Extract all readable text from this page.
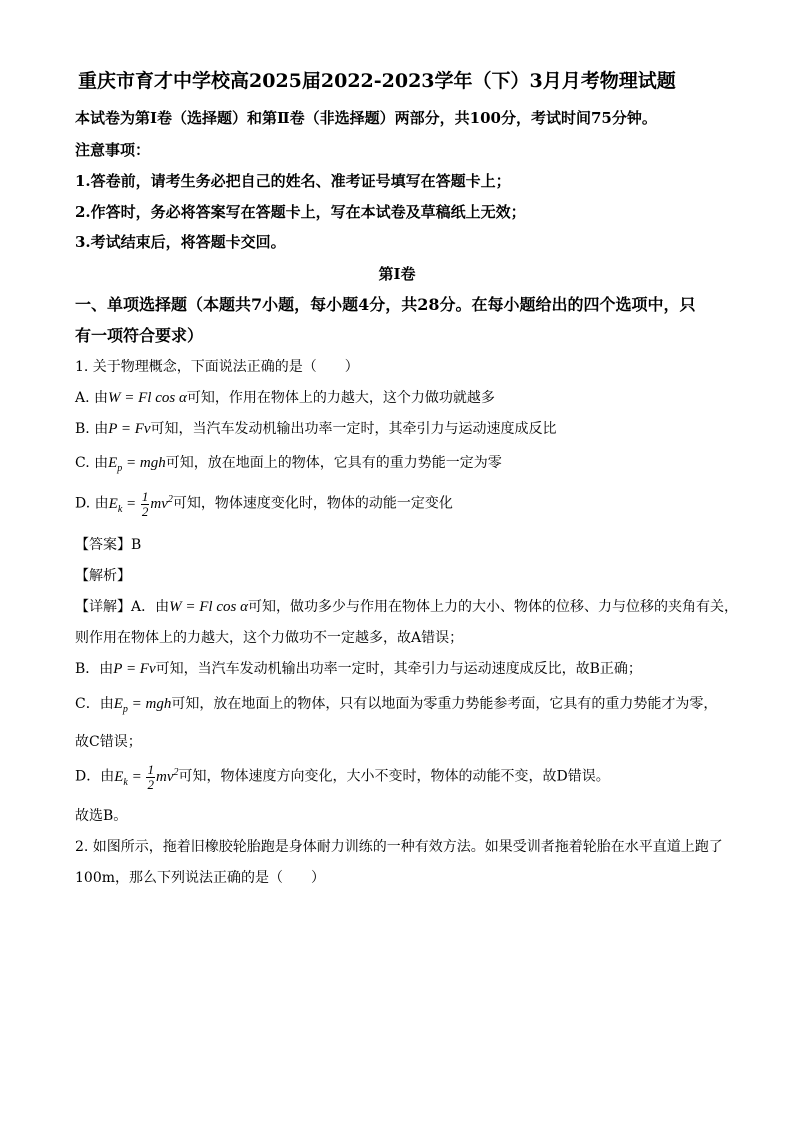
重庆市育才中学校高2025届2022-2023学年（下）3月月考物理试题
本试卷为第Ⅰ卷（选择题）和第Ⅱ卷（非选择题）两部分，共100分，考试时间75分钟。
注意事项：
1.答卷前，请考生务必把自己的姓名、准考证号填写在答题卡上；
2.作答时，务必将答案写在答题卡上，写在本试卷及草稿纸上无效；
3.考试结束后，将答题卡交回。
第Ⅰ卷
一、单项选择题（本题共7小题，每小题4分，共28分。在每小题给出的四个选项中，只
有一项符合要求）
1. 关于物理概念，下面说法正确的是（　　）
A. 由W = Fl cos α可知，作用在物体上的力越大，这个力做功就越多
B. 由P = Fv可知，当汽车发动机输出功率一定时，其牵引力与运动速度成反比
C. 由$E_p$ = mgh可知，放在地面上的物体，它具有的重力势能一定为零
D. 由$E_k = \frac{1}{2} mv^2$可知，物体速度变化时，物体的动能一定变化
【答案】B
【解析】
【详解】A．由W = Fl cos α可知，做功多少与作用在物体上力的大小、物体的位移、力与位移的夹角有关，
则作用在物体上的力越大，这个力做功不一定越多，故A错误；
B．由P = Fv可知，当汽车发动机输出功率一定时，其牵引力与运动速度成反比，故B正确；
C．由$E_p$ = mgh可知，放在地面上的物体，只有以地面为零重力势能参考面，它具有的重力势能才为零，
故C错误；
D．由$E_k = \frac{1}{2} mv^2$可知，物体速度方向变化，大小不变时，物体的动能不变，故D错误。
故选B。
2. 如图所示，拖着旧橡胶轮胎跑是身体耐力训练的一种有效方法。如果受训者拖着轮胎在水平直道上跑了
100m，那么下列说法正确的是（　　）
